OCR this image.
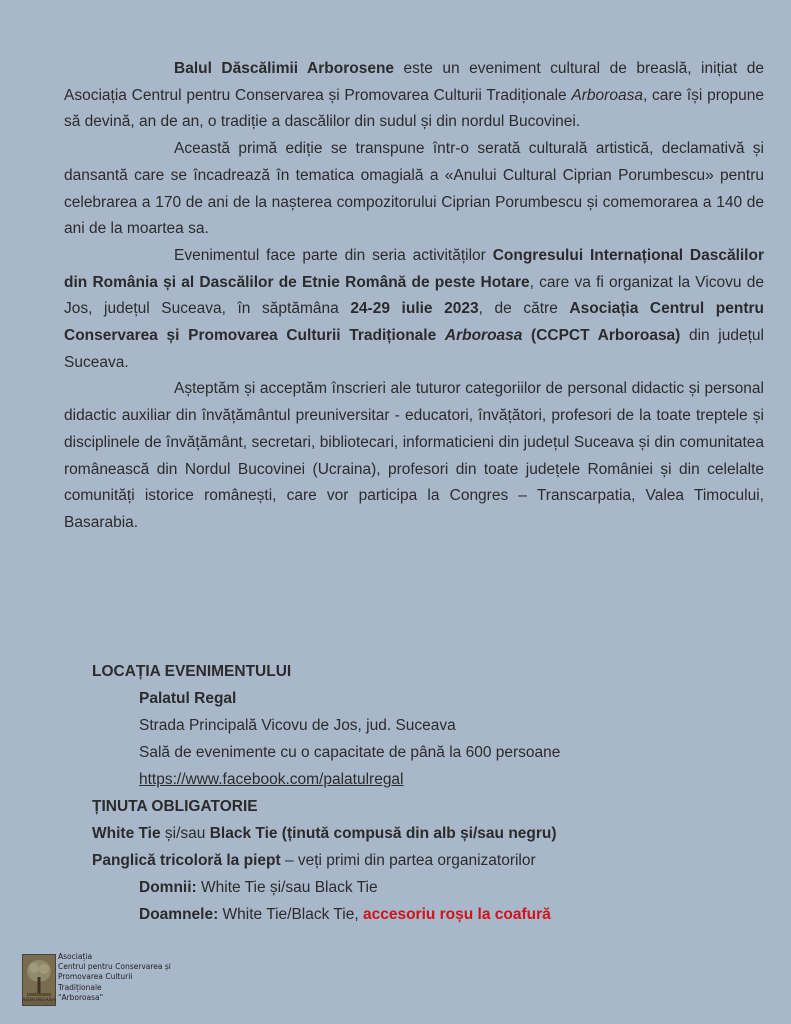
Balul Dăscălimii Arborosene este un eveniment cultural de breaslă, inițiat de Asociația Centrul pentru Conservarea și Promovarea Culturii Tradiționale Arboroasa, care își propune să devină, an de an, o tradiție a dascălilor din sudul și din nordul Bucovinei.

Această primă ediție se transpune într-o serată culturală artistică, declamativă și dansantă care se încadrează în tematica omagială a «Anului Cultural Ciprian Porumbescu» pentru celebrarea a 170 de ani de la nașterea compozitorului Ciprian Porumbescu și comemorarea a 140 de ani de la moartea sa.

Evenimentul face parte din seria activităților Congresului Internațional Dascălilor din România și al Dascălilor de Etnie Română de peste Hotare, care va fi organizat la Vicovu de Jos, județul Suceava, în săptămâna 24-29 iulie 2023, de către Asociația Centrul pentru Conservarea și Promovarea Culturii Tradiționale Arboroasa (CCPCT Arboroasa) din județul Suceava.

Așteptăm și acceptăm înscrieri ale tuturor categoriilor de personal didactic și personal didactic auxiliar din învățământul preuniversitar - educatori, învățători, profesori de la toate treptele și disciplinele de învățământ, secretari, bibliotecari, informaticieni din județul Suceava și din comunitatea românească din Nordul Bucovinei (Ucraina), profesori din toate județele României și din celelalte comunități istorice românești, care vor participa la Congres – Transcarpatia, Valea Timocului, Basarabia.

LOCAȚIA EVENIMENTULUI
Palatul Regal
Strada Principală Vicovu de Jos, jud. Suceava
Sală de evenimente cu o capacitate de până la 600 persoane
https://www.facebook.com/palatulregal
ȚINUTA OBLIGATORIE
White Tie și/sau Black Tie (ținută compusă din alb și/sau negru)
Panglică tricoloră la piept – veți primi din partea organizatorilor
Domnii: White Tie și/sau Black Tie
Doamnele: White Tie/Black Tie, accesoriu roșu la coafură
ARBOROASA
Asociația
Centrul pentru Conservarea și
Promovarea Culturii
Tradiționale
"Arboroasa"
